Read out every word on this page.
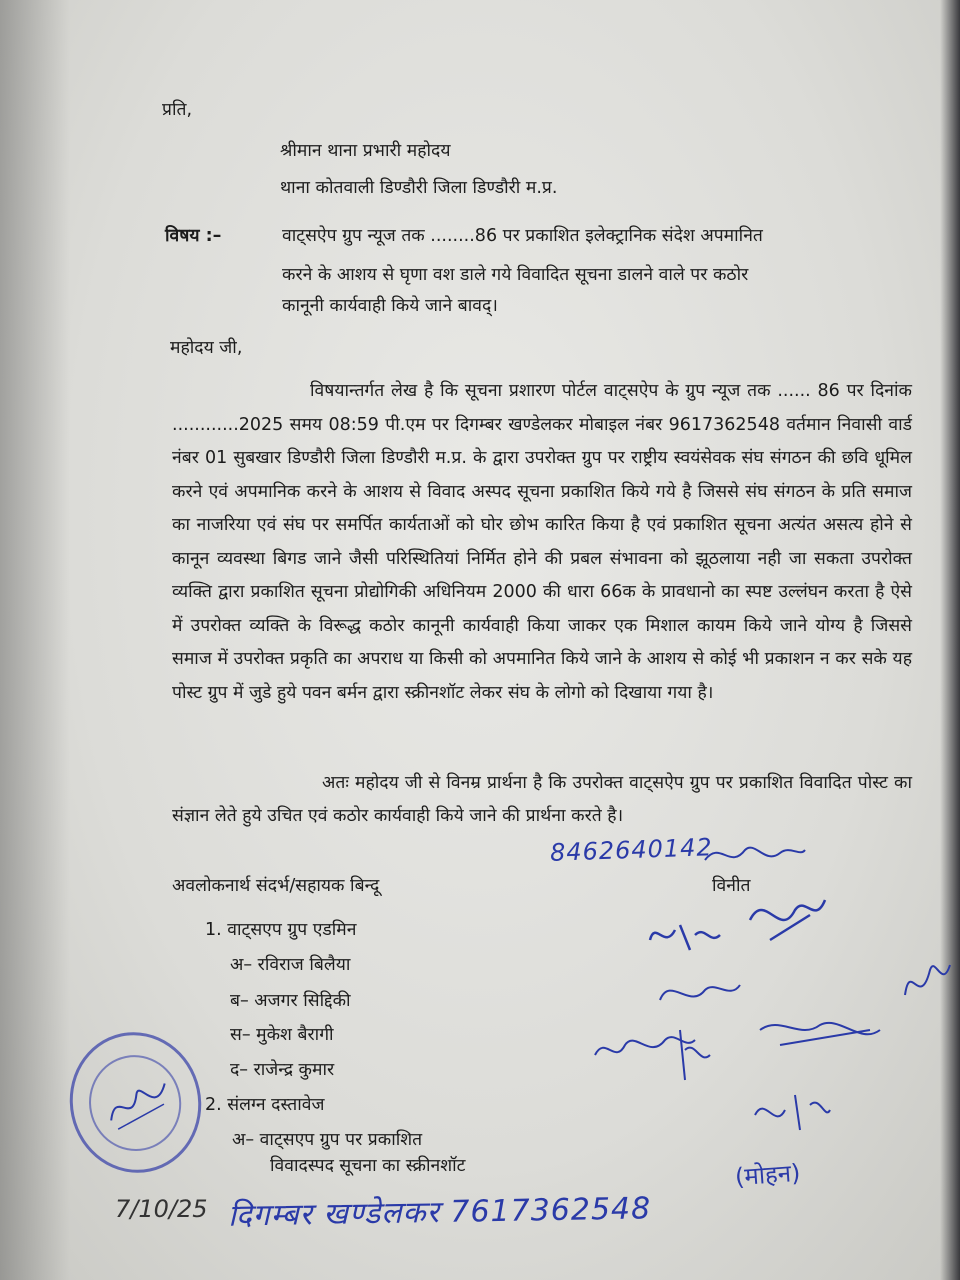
प्रति,
श्रीमान थाना प्रभारी महोदय
थाना कोतवाली डिण्डौरी जिला डिण्डौरी म.प्र.
विषय :–	वाट्सऐप ग्रुप न्यूज तक ........86 पर प्रकाशित इलेक्ट्रानिक संदेश अपमानित
करने के आशय से घृणा वश डाले गये विवादित सूचना डालने वाले पर कठोर
कानूनी कार्यवाही किये जाने बावद्।
महोदय जी,

विषयान्तर्गत लेख है कि सूचना प्रशारण पोर्टल वाट्सऐप के ग्रुप न्यूज तक ...... 86 पर दिनांक ............2025 समय 08:59 पी.एम पर दिगम्बर खण्डेलकर मोबाइल नंबर 9617362548 वर्तमान निवासी वार्ड नंबर 01 सुबखार डिण्डौरी जिला डिण्डौरी म.प्र. के द्वारा उपरोक्त ग्रुप पर राष्ट्रीय स्वयंसेवक संघ संगठन की छवि धूमिल करने एवं अपमानिक करने के आशय से विवाद अस्पद सूचना प्रकाशित किये गये है जिससे संघ संगठन के प्रति समाज का नाजरिया एवं संघ पर समर्पित कार्यताओं को घोर छोभ कारित किया है एवं प्रकाशित सूचना अत्यंत असत्य होने से कानून व्यवस्था बिगड जाने जैसी परिस्थितियां निर्मित होने की प्रबल संभावना को झूठलाया नही जा सकता उपरोक्त व्यक्ति द्वारा प्रकाशित सूचना प्रोद्योगिकी अधिनियम 2000 की धारा 66क के प्रावधानो का स्पष्ट उल्लंघन करता है ऐसे में उपरोक्त व्यक्ति के विरूद्ध कठोर कानूनी कार्यवाही किया जाकर एक मिशाल कायम किये जाने योग्य है जिससे समाज में उपरोक्त प्रकृति का अपराध या किसी को अपमानित किये जाने के आशय से कोई भी प्रकाशन न कर सके यह पोस्ट ग्रुप में जुडे हुये पवन बर्मन द्वारा स्क्रीनशॉट लेकर संघ के लोगो को दिखाया गया है।

अतः महोदय जी से विनम्र प्रार्थना है कि उपरोक्त वाट्सऐप ग्रुप पर प्रकाशित विवादित पोस्ट का संज्ञान लेते हुये उचित एवं कठोर कार्यवाही किये जाने की प्रार्थना करते है।

अवलोकनार्थ संदर्भ/सहायक बिन्दू	विनीत
1. वाट्सएप ग्रुप एडमिन
अ– रविराज बिलैया
ब– अजगर सिद्दिकी
स– मुकेश बैरागी
द– राजेन्द्र कुमार
2. संलग्न दस्तावेज
अ– वाट्सएप ग्रुप पर प्रकाशित
विवादस्पद सूचना का स्क्रीनशॉट
8462640142
(मोहन)
7/10/25 दिगम्बर खण्डेलकर 7617362548
